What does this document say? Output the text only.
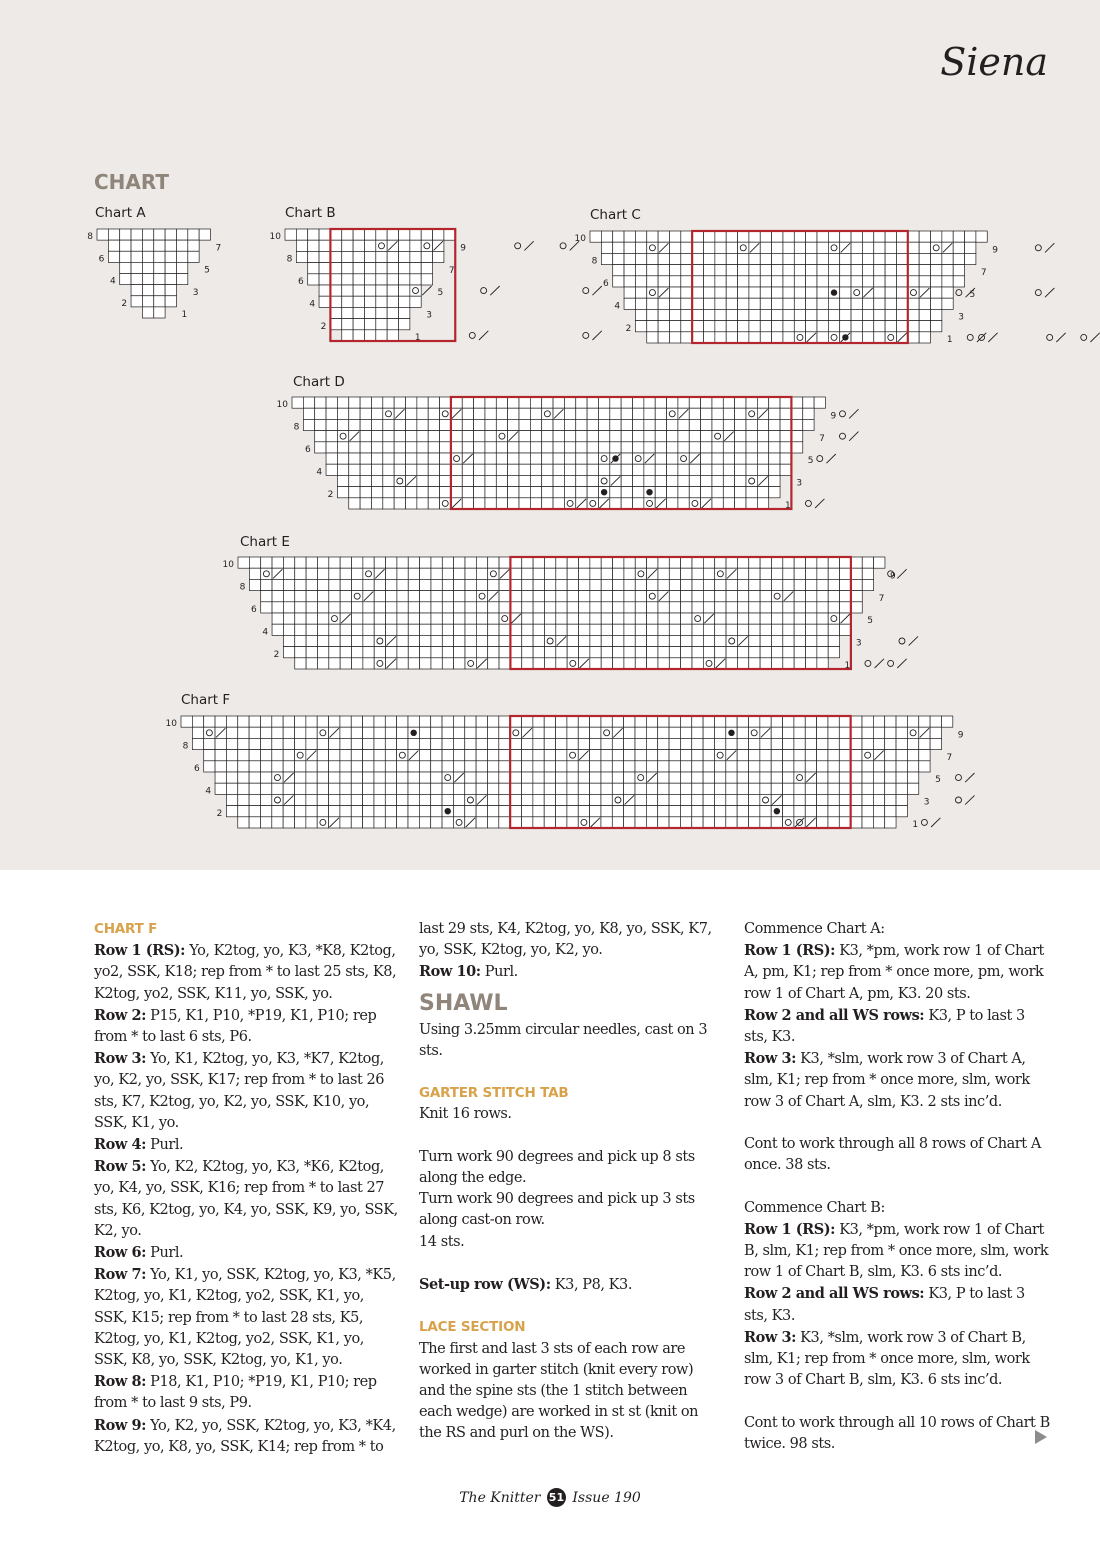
Siena
CHART

Chart A

1
3
5
7
2
4
6
8

Chart B

1
3
5
7
9
2
4
6
8
10

Chart C

1
3
5
7
9
2
4
6
8
10

Chart D

1
3
5
7
9
2
4
6
8
10

Chart E

1
3
5
7
9
2
4
6
8
10

Chart F

1
3
5
7
9
2
4
6
8
10

CHART F

Row 1 (RS): Yo, K2tog, yo, K3, *K8, K2tog, yo2, SSK, K18; rep from * to last 25 sts, K8, K2tog, yo2, SSK, K11, yo, SSK, yo.

Row 2: P15, K1, P10, *P19, K1, P10; rep from * to last 6 sts, P6.

Row 3: Yo, K1, K2tog, yo, K3, *K7, K2tog, yo, K2, yo, SSK, K17; rep from * to last 26 sts, K7, K2tog, yo, K2, yo, SSK, K10, yo, SSK, K1, yo.

Row 4: Purl.

Row 5: Yo, K2, K2tog, yo, K3, *K6, K2tog, yo, K4, yo, SSK, K16; rep from * to last 27 sts, K6, K2tog, yo, K4, yo, SSK, K9, yo, SSK, K2, yo.

Row 6: Purl.

Row 7: Yo, K1, yo, SSK, K2tog, yo, K3, *K5, K2tog, yo, K1, K2tog, yo2, SSK, K1, yo, SSK, K15; rep from * to last 28 sts, K5, K2tog, yo, K1, K2tog, yo2, SSK, K1, yo, SSK, K8, yo, SSK, K2tog, yo, K1, yo.

Row 8: P18, K1, P10; *P19, K1, P10; rep from * to last 9 sts, P9.

Row 9: Yo, K2, yo, SSK, K2tog, yo, K3, *K4, K2tog, yo, K8, yo, SSK, K14; rep from * to

last 29 sts, K4, K2tog, yo, K8, yo, SSK, K7, yo, SSK, K2tog, yo, K2, yo.

Row 10: Purl.

SHAWL

Using 3.25mm circular needles, cast on 3 sts.

GARTER STITCH TAB

Knit 16 rows.

Turn work 90 degrees and pick up 8 sts along the edge.

Turn work 90 degrees and pick up 3 sts along cast-on row.

14 sts.

Set-up row (WS): K3, P8, K3.

LACE SECTION

The first and last 3 sts of each row are worked in garter stitch (knit every row) and the spine sts (the 1 stitch between each wedge) are worked in st st (knit on the RS and purl on the WS).

Commence Chart A:

Row 1 (RS): K3, *pm, work row 1 of Chart A, pm, K1; rep from * once more, pm, work row 1 of Chart A, pm, K3. 20 sts.

Row 2 and all WS rows: K3, P to last 3 sts, K3.

Row 3: K3, *slm, work row 3 of Chart A, slm, K1; rep from * once more, slm, work row 3 of Chart A, slm, K3. 2 sts inc’d.

Cont to work through all 8 rows of Chart A once. 38 sts.

Commence Chart B:

Row 1 (RS): K3, *pm, work row 1 of Chart B, slm, K1; rep from * once more, slm, work row 1 of Chart B, slm, K3. 6 sts inc’d.

Row 2 and all WS rows: K3, P to last 3 sts, K3.

Row 3: K3, *slm, work row 3 of Chart B, slm, K1; rep from * once more, slm, work row 3 of Chart B, slm, K3. 6 sts inc’d.

Cont to work through all 10 rows of Chart B twice. 98 sts.

The Knitter 51 Issue 190
